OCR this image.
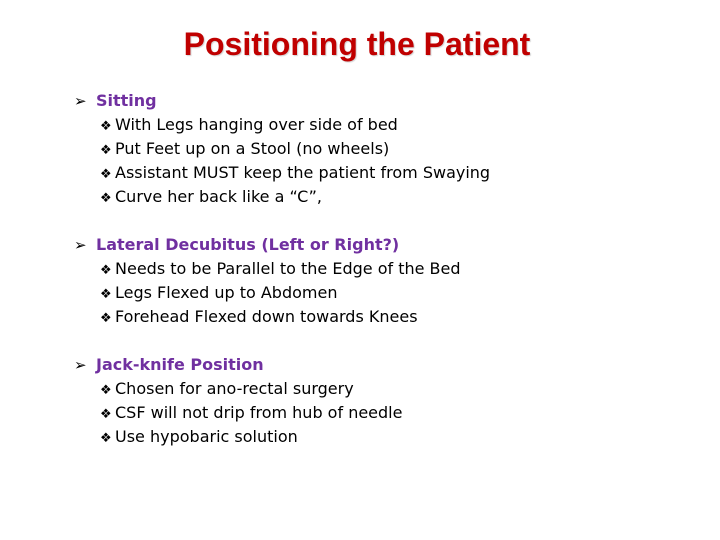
Positioning the Patient
➢ Sitting
❖ With Legs hanging over side of bed
❖ Put Feet up on a Stool (no wheels)
❖ Assistant MUST keep the patient from Swaying
❖ Curve her back like a “C”,
➢ Lateral Decubitus (Left or Right?)
❖ Needs to be Parallel to the Edge of the Bed
❖ Legs Flexed up to Abdomen
❖ Forehead Flexed down towards Knees
➢ Jack-knife Position
❖ Chosen for ano-rectal surgery
❖ CSF will not drip from hub of needle
❖ Use hypobaric solution
